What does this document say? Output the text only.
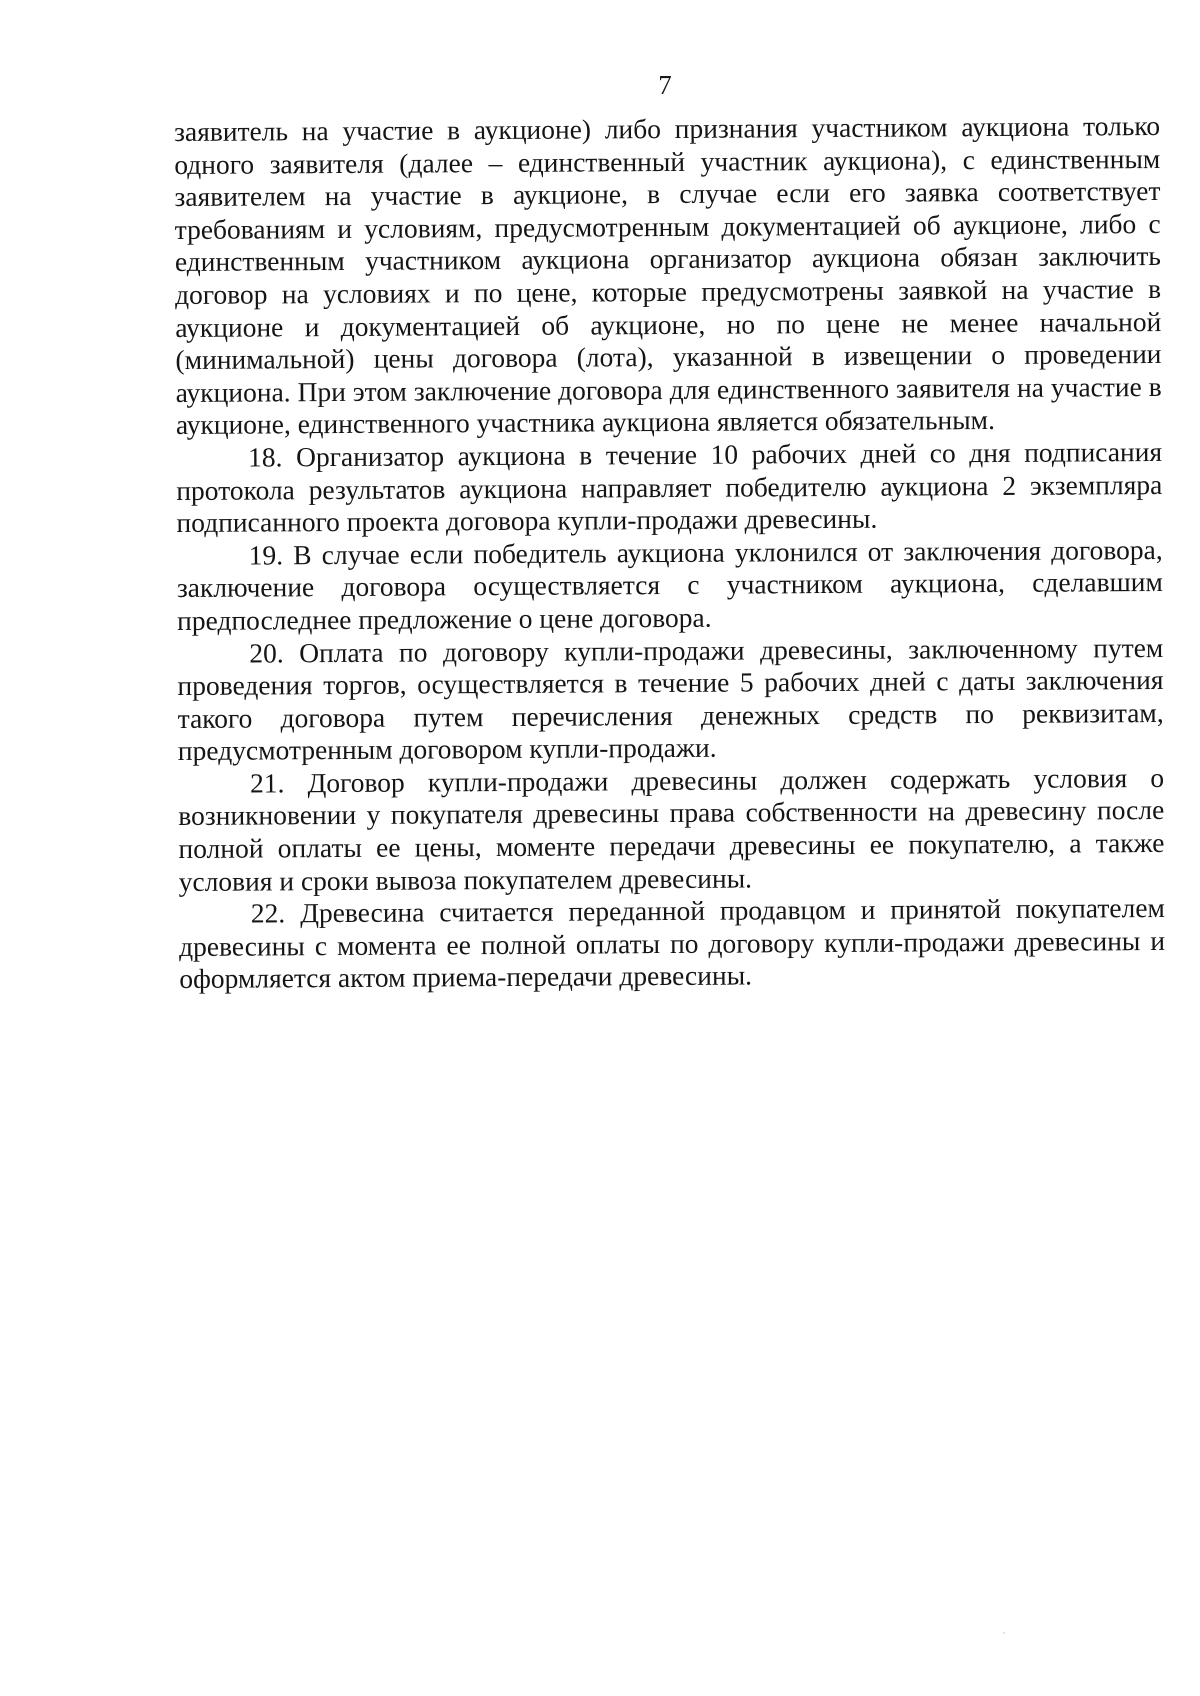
7

заявитель на участие в аукционе) либо признания участником аукциона только одного заявителя (далее – единственный участник аукциона), с единственным заявителем на участие в аукционе, в случае если его заявка соответствует требованиям и условиям, предусмотренным документацией об аукционе, либо с единственным участником аукциона организатор аукциона обязан заключить договор на условиях и по цене, которые предусмотрены заявкой на участие в аукционе и документацией об аукционе, но по цене не менее начальной (минимальной) цены договора (лота), указанной в извещении о проведении аукциона. При этом заключение договора для единственного заявителя на участие в аукционе, единственного участника аукциона является обязательным.

18. Организатор аукциона в течение 10 рабочих дней со дня подписания протокола результатов аукциона направляет победителю аукциона 2 экземпляра подписанного проекта договора купли-продажи древесины.

19. В случае если победитель аукциона уклонился от заключения договора, заключение договора осуществляется с участником аукциона, сделавшим предпоследнее предложение о цене договора.

20. Оплата по договору купли-продажи древесины, заключенному путем проведения торгов, осуществляется в течение 5 рабочих дней с даты заключения такого договора путем перечисления денежных средств по реквизитам, предусмотренным договором купли-продажи.

21. Договор купли-продажи древесины должен содержать условия о возникновении у покупателя древесины права собственности на древесину после полной оплаты ее цены, моменте передачи древесины ее покупателю, а также условия и сроки вывоза покупателем древесины.

22. Древесина считается переданной продавцом и принятой покупателем древесины с момента ее полной оплаты по договору купли-продажи древесины и оформляется актом приема-передачи древесины.
